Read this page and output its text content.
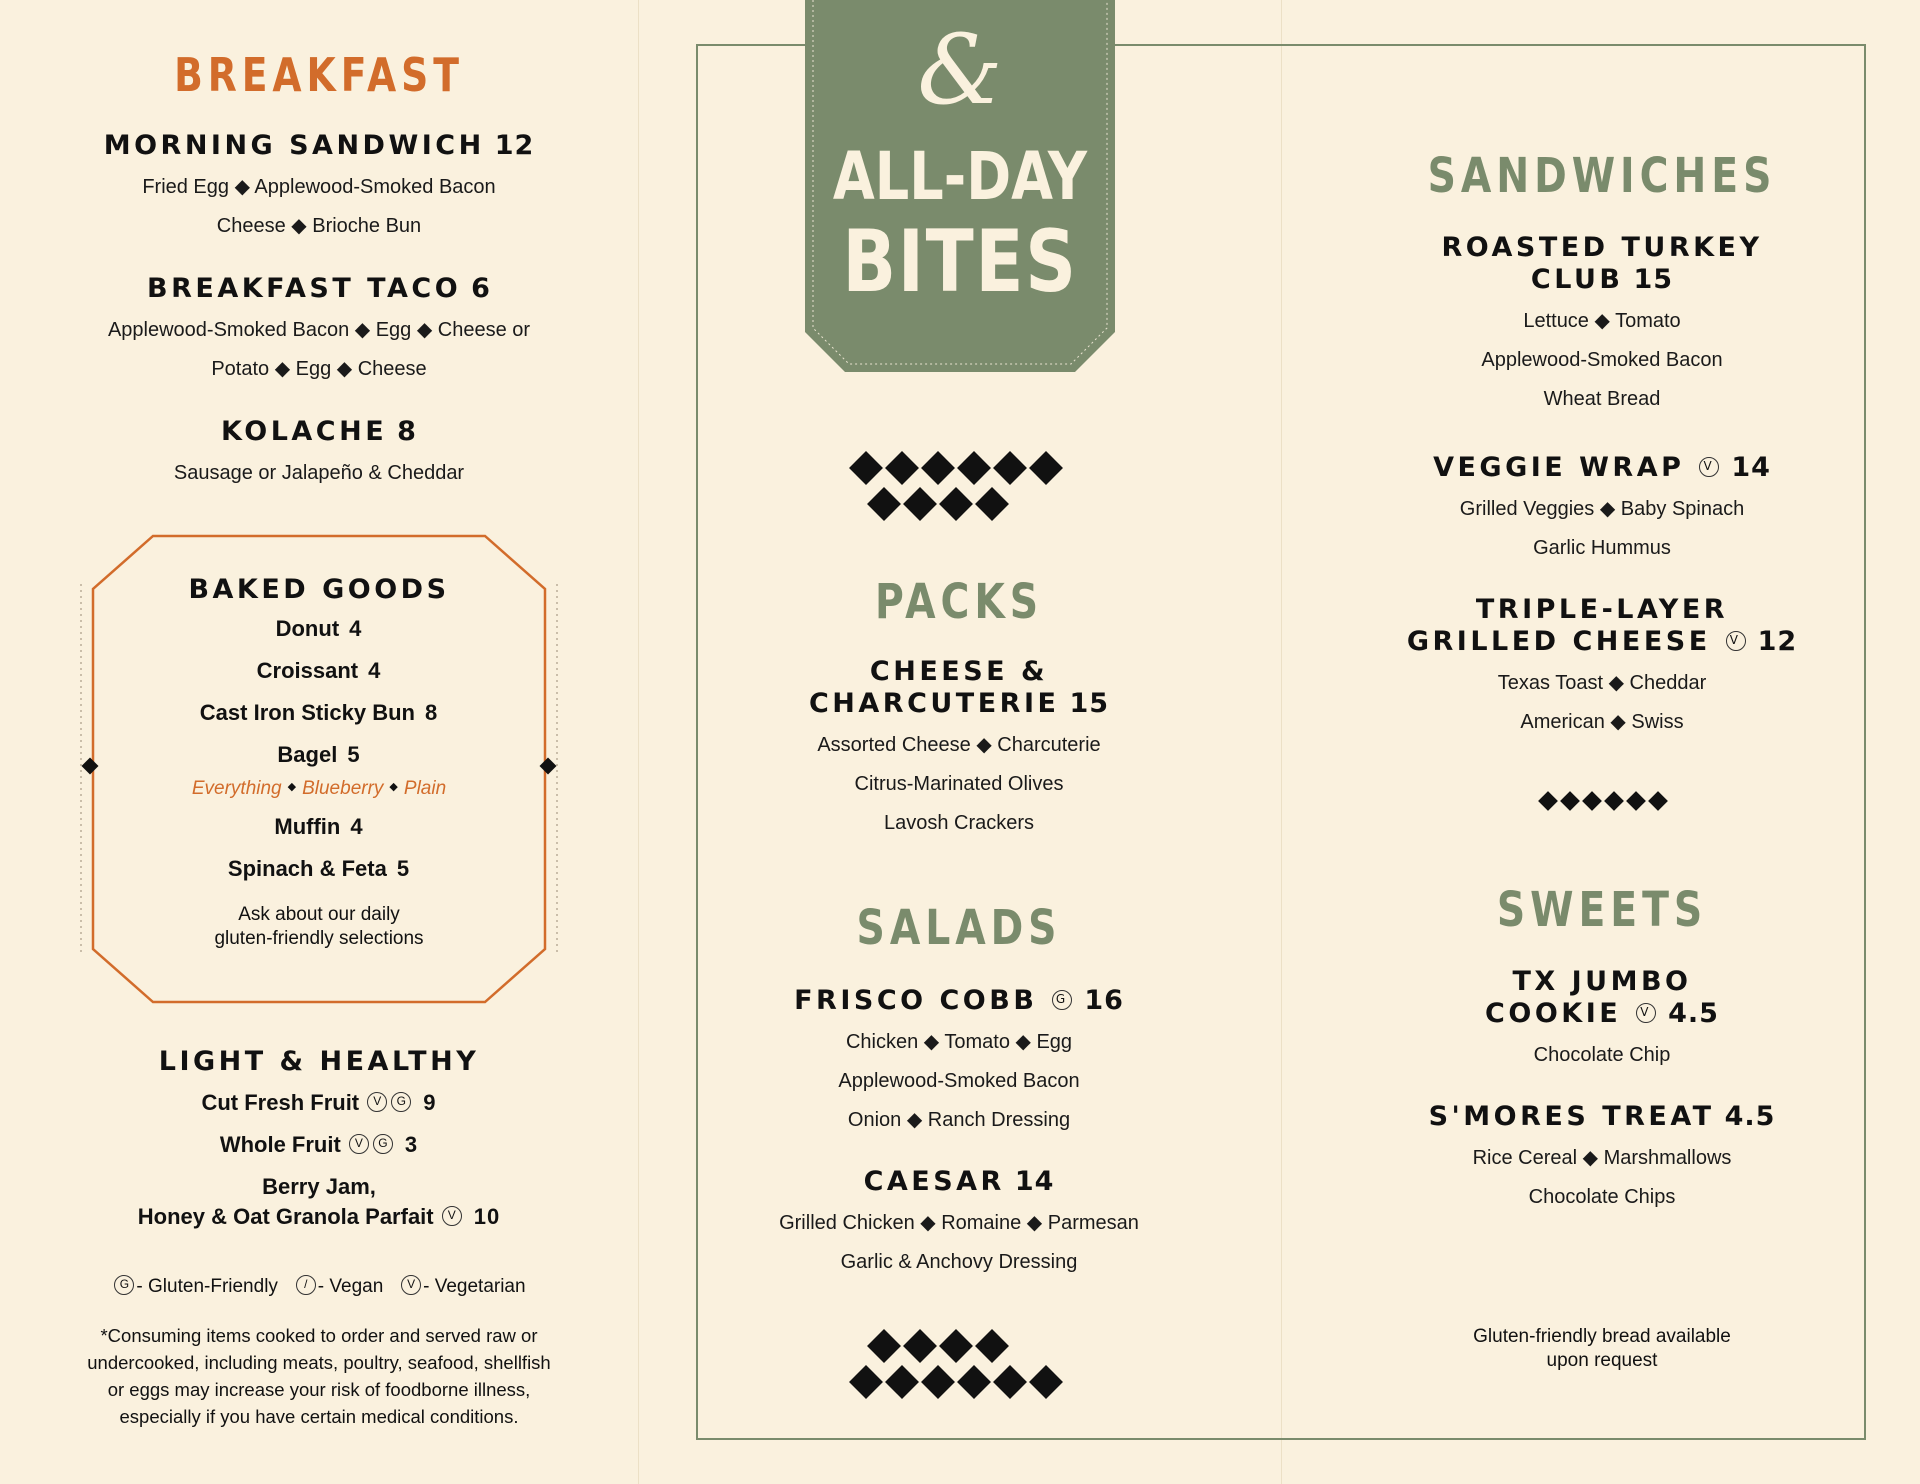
BREAKFAST
MORNING SANDWICH 12
Fried Egg ◆ Applewood-Smoked Bacon
Cheese ◆ Brioche Bun
BREAKFAST TACO 6
Applewood-Smoked Bacon ◆ Egg ◆ Cheese or
Potato ◆ Egg ◆ Cheese
KOLACHE 8
Sausage or Jalapeño & Cheddar
BAKED GOODS
Donut 4
Croissant 4
Cast Iron Sticky Bun 8
Bagel 5
Everything ◆ Blueberry ◆ Plain
Muffin 4
Spinach & Feta 5
Ask about our daily
gluten-friendly selections
LIGHT & HEALTHY
Cut Fresh Fruit V G 9
Whole Fruit V G 3
Berry Jam,
Honey & Oat Granola Parfait V 10
G - Gluten-Friendly / - Vegan V - Vegetarian
*Consuming items cooked to order and served raw or
undercooked, including meats, poultry, seafood, shellfish
or eggs may increase your risk of foodborne illness,
especially if you have certain medical conditions.
&
ALL-DAY
BITES
PACKS
CHEESE &
CHARCUTERIE 15
Assorted Cheese ◆ Charcuterie
Citrus-Marinated Olives
Lavosh Crackers
SALADS
FRISCO COBB G 16
Chicken ◆ Tomato ◆ Egg
Applewood-Smoked Bacon
Onion ◆ Ranch Dressing
CAESAR 14
Grilled Chicken ◆ Romaine ◆ Parmesan
Garlic & Anchovy Dressing
SANDWICHES
ROASTED TURKEY
CLUB 15
Lettuce ◆ Tomato
Applewood-Smoked Bacon
Wheat Bread
VEGGIE WRAP V 14
Grilled Veggies ◆ Baby Spinach
Garlic Hummus
TRIPLE-LAYER
GRILLED CHEESE V 12
Texas Toast ◆ Cheddar
American ◆ Swiss
SWEETS
TX JUMBO
COOKIE V 4.5
Chocolate Chip
S'MORES TREAT 4.5
Rice Cereal ◆ Marshmallows
Chocolate Chips
Gluten-friendly bread available
upon request
